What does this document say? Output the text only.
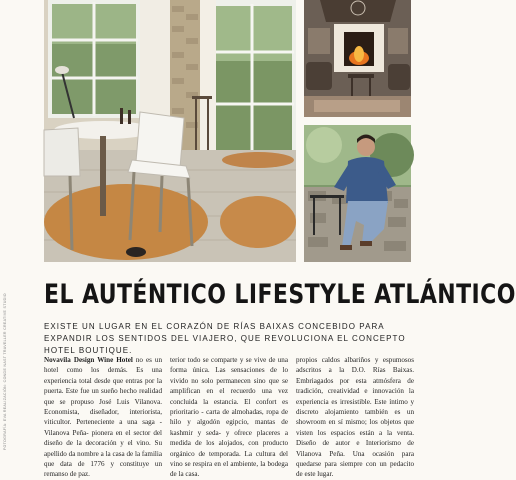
EL AUTÉNTICO LIFESTYLE ATLÁNTICO
EXISTE UN LUGAR EN EL CORAZÓN DE RÍAS BAIXAS CONCEBIDO PARA EXPANDIR LOS SENTIDOS DEL VIAJERO, QUE REVOLUCIONA EL CONCEPTO HOTEL BOUTIQUE.
Novavila Design Wine Hotel no es un hotel como los demás. Es una experiencia total desde que entras por la puerta. Este fue un sueño hecho realidad que se propuso José Luis Vilanova. Economista, diseñador, interiorista, viticultor. Perteneciente a una saga -Vilanova Peña- pionera en el sector del diseño de la decoración y el vino. Su apellido da nombre a la casa de la familia que data de 1776 y constituye un remanso de paz.
terior todo se comparte y se vive de una forma única. Las sensaciones de lo vivido no solo permanecen sino que se amplifican en el recuerdo una vez concluida la estancia. El confort es prioritario - carta de almohadas, ropa de hilo y algodón egipcio, mantas de kashmir y seda- y ofrece placeres a medida de los alojados, con producto orgánico de temporada. La cultura del vino se respira en el ambiente, la bodega de la casa.
propios caldos albariños y espumosos adscritos a la D.O. Rías Baixas. Embriagados por esta atmósfera de tradición, creatividad e innovación la experiencia es irresistible. Este íntimo y discreto alojamiento también es un showroom en sí mismo; los objetos que visten los espacios están a la venta. Diseño de autor e Interiorismo de Vilanova Peña. Una ocasión para quedarse para siempre con un pedacito de este lugar.
FOTOGRAFÍA: EVA REALIZACIÓN: CONDE NAST TRAVELLER CREATIVE STUDIO
